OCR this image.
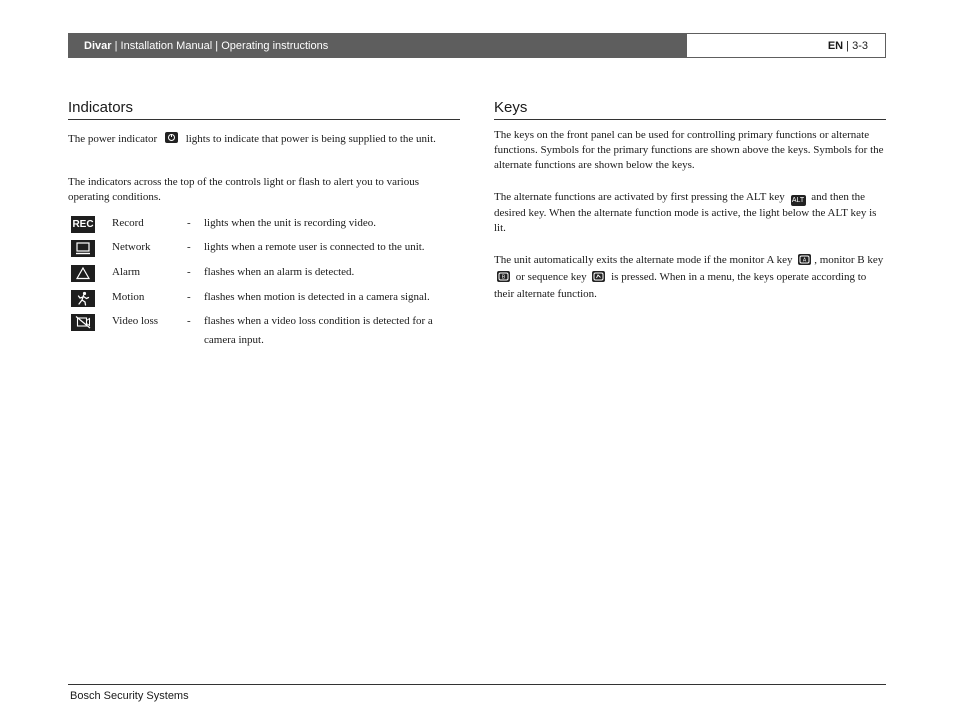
Divar | Installation Manual | Operating instructions	EN | 3-3
Indicators

The power indicator	lights to indicate that power is being supplied to the unit.

The indicators across the top of the controls light or flash to alert you to various operating conditions.

REC Record	- lights when the unit is recording video.
Network	- lights when a remote user is connected to the unit.
Alarm	- flashes when an alarm is detected.
Motion	- flashes when motion is detected in a camera signal.
Video loss	- flashes when a video loss condition is detected for a camera input.
Keys

The keys on the front panel can be used for controlling primary functions or alternate functions. Symbols for the primary functions are shown above the keys. Symbols for the alternate functions are shown below the keys.

The alternate functions are activated by first pressing the ALT key ALT and then the desired key. When the alternate function mode is active, the light below the ALT key is lit.

The unit automatically exits the alternate mode if the monitor A key A , monitor B key
B or sequence key is pressed. When in a menu, the keys operate according to their alternate function.

Bosch Security Systems
